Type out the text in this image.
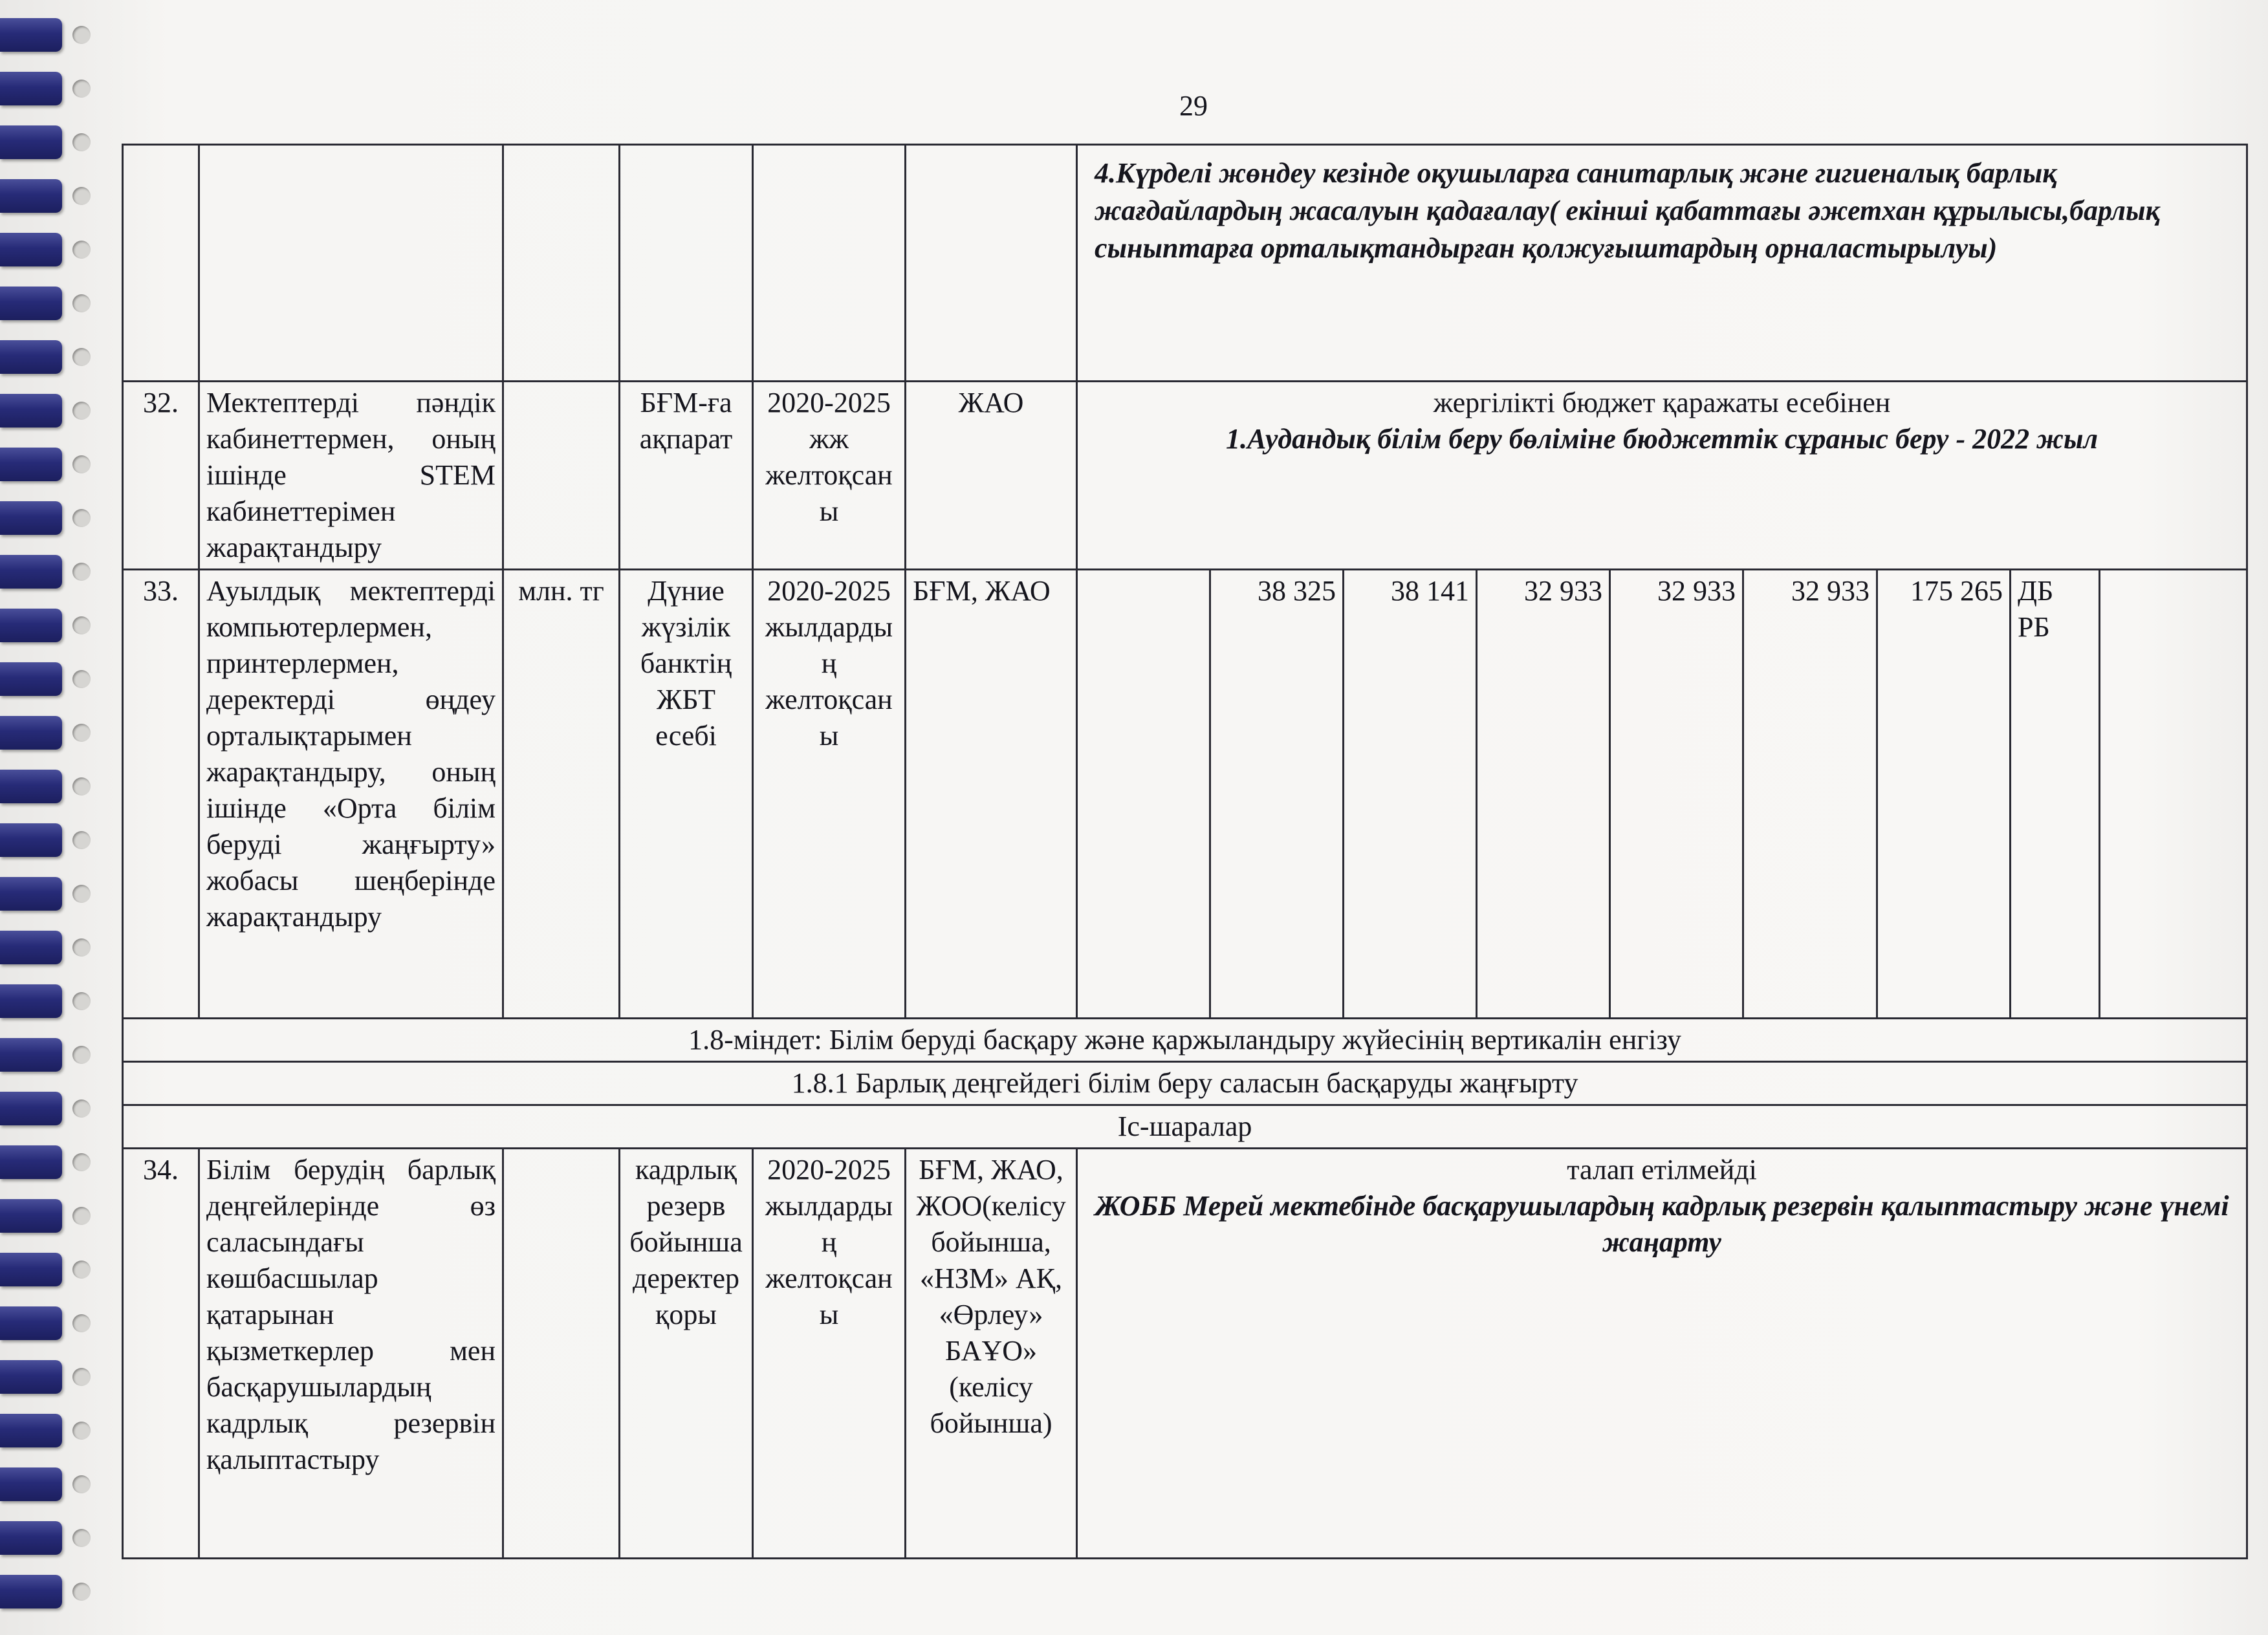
29

						4.Күрделі жөндеу кезінде оқушыларға санитарлық және гигиеналық барлық жағдайлардың жасалуын қадағалау( екінші қабаттағы әжетхан құрылысы,барлық сыныптарға орталықтандырған қолжуғыштардың орналастырылуы)								

32.	Мектептерді пәндік кабинеттермен, оның ішінде STEM кабинеттерімен жарақтандыру		БҒМ-ға ақпарат	2020-2025 жж желтоқсаны	ЖАО	жергілікті бюджет қаражаты есебінен
1.Аудандық білім беру бөліміне бюджеттік сұраныс беру - 2022 жыл								

33.	Ауылдық мектептерді компьютерлермен, принтерлермен, деректерді өңдеу орталықтарымен жарақтандыру, оның ішінде «Орта білім беруді жаңғырту» жобасы шеңберінде жарақтандыру	млн. тг	Дүние жүзілік банктің ЖБТ есебі	2020-2025 жылдардың желтоқсаны	БҒМ, ЖАО		38 325	38 141	32 933	32 933	32 933	175 265	ДБ РБ	
1.8-міндет: Білім беруді басқару және қаржыландыру жүйесінің вертикалін енгізу														
1.8.1 Барлық деңгейдегі білім беру саласын басқаруды жаңғырту														
Іс-шаралар														
34.	Білім берудің барлық деңгейлерінде өз саласындағы көшбасшылар қатарынан қызметкерлер мен басқарушылардың кадрлық резервін қалыптастыру		кадрлық резерв бойынша деректер қоры	2020-2025 жылдардың желтоқсаны	БҒМ, ЖАО, ЖОО(келісу бойынша, «НЗМ» АҚ, «Өрлеу» БАҰО» (келісу бойынша)	талап етілмейді
ЖОББ Мерей мектебінде басқарушылардың кадрлық резервін қалыптастыру және үнемі жаңарту								
